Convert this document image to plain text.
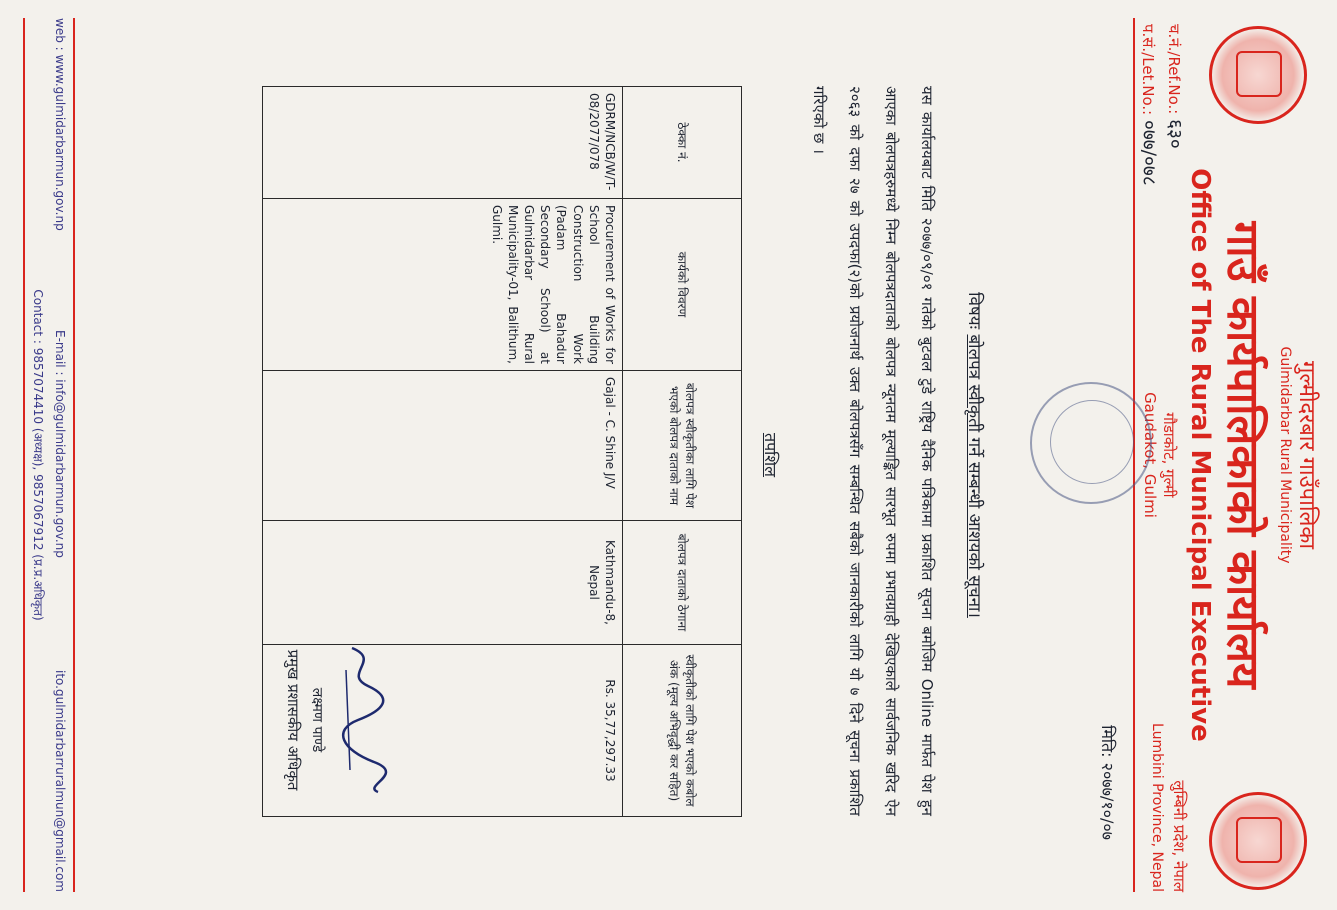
गुल्मीदरबार गाउँपालिका
Gulmidarbar Rural Municipality
गाउँ कार्यपालिकाको कार्यालय
Office of The Rural Municipal Executive
गौडाकोट, गुल्मी
Gaudakot, Gulmi
च.नं./Ref.No.: ६३०
प.सं./Let.No.: ०७७/०७८
लुम्बिनी प्रदेश, नेपाल
Lumbini Province, Nepal
मिति: २०७७/१०/०७
विषयः बोलपत्र स्वीकृती गर्ने सम्बन्धी आशयको सूचना।
यस कार्यालयबाट मिति २०७७/०९/०१ गतेको बुटवल टुडे राष्ट्रिय दैनिक पत्रिकामा प्रकाशित सूचना बमोजिम Online मार्फत पेश हुन आएका बोलपत्रहरुमध्ये निम्न बोलपत्रदाताको बोलपत्र न्यूनतम मूल्याङ्कित सारभूत रुपमा प्रभावग्राही देखिएकाले सार्वजनिक खरिद ऐन २०६३ को दफा २७ को उपदफा(२)को प्रयोजनार्थ उक्त बोलपत्रसँग सम्बन्धित सबैको जानकारीको लागि यो ७ दिने सूचना प्रकाशित गरिएको छ ।
तपशिल
ठेक्का नं.	कार्यको विवरण	बोलपत्र स्वीकृतीका लागि पेश भएको बोलपत्र दाताको नाम	बोलपत्र दाताको ठेगाना	स्वीकृतीको लागि पेश भएको कबोल अंक (मूल्य अभिवृद्धी कर सहित)
GDRM/NCB/W/T-08/2077/078	Procurement of Works for School Building Construction Work (Padam Bahadur Secondary School) at Gulmidarbar Rural Municipality-01, Balithum, Gulmi.	Gajal - C. Shine J/V	Kathmandu-8, Nepal	Rs. 35,77,297.33
लक्ष्मण पाण्डे
प्रमुख प्रशासकीय अधिकृत
web : www.gulmidarbarmun.gov.np
E-mail : info@gulmidarbarmun.gov.np
ito.gulmidarbarruralmun@gmail.com
Contact : 9857074410 (अध्यक्ष), 9857067912 (प्र.प्र.अधिकृत)
